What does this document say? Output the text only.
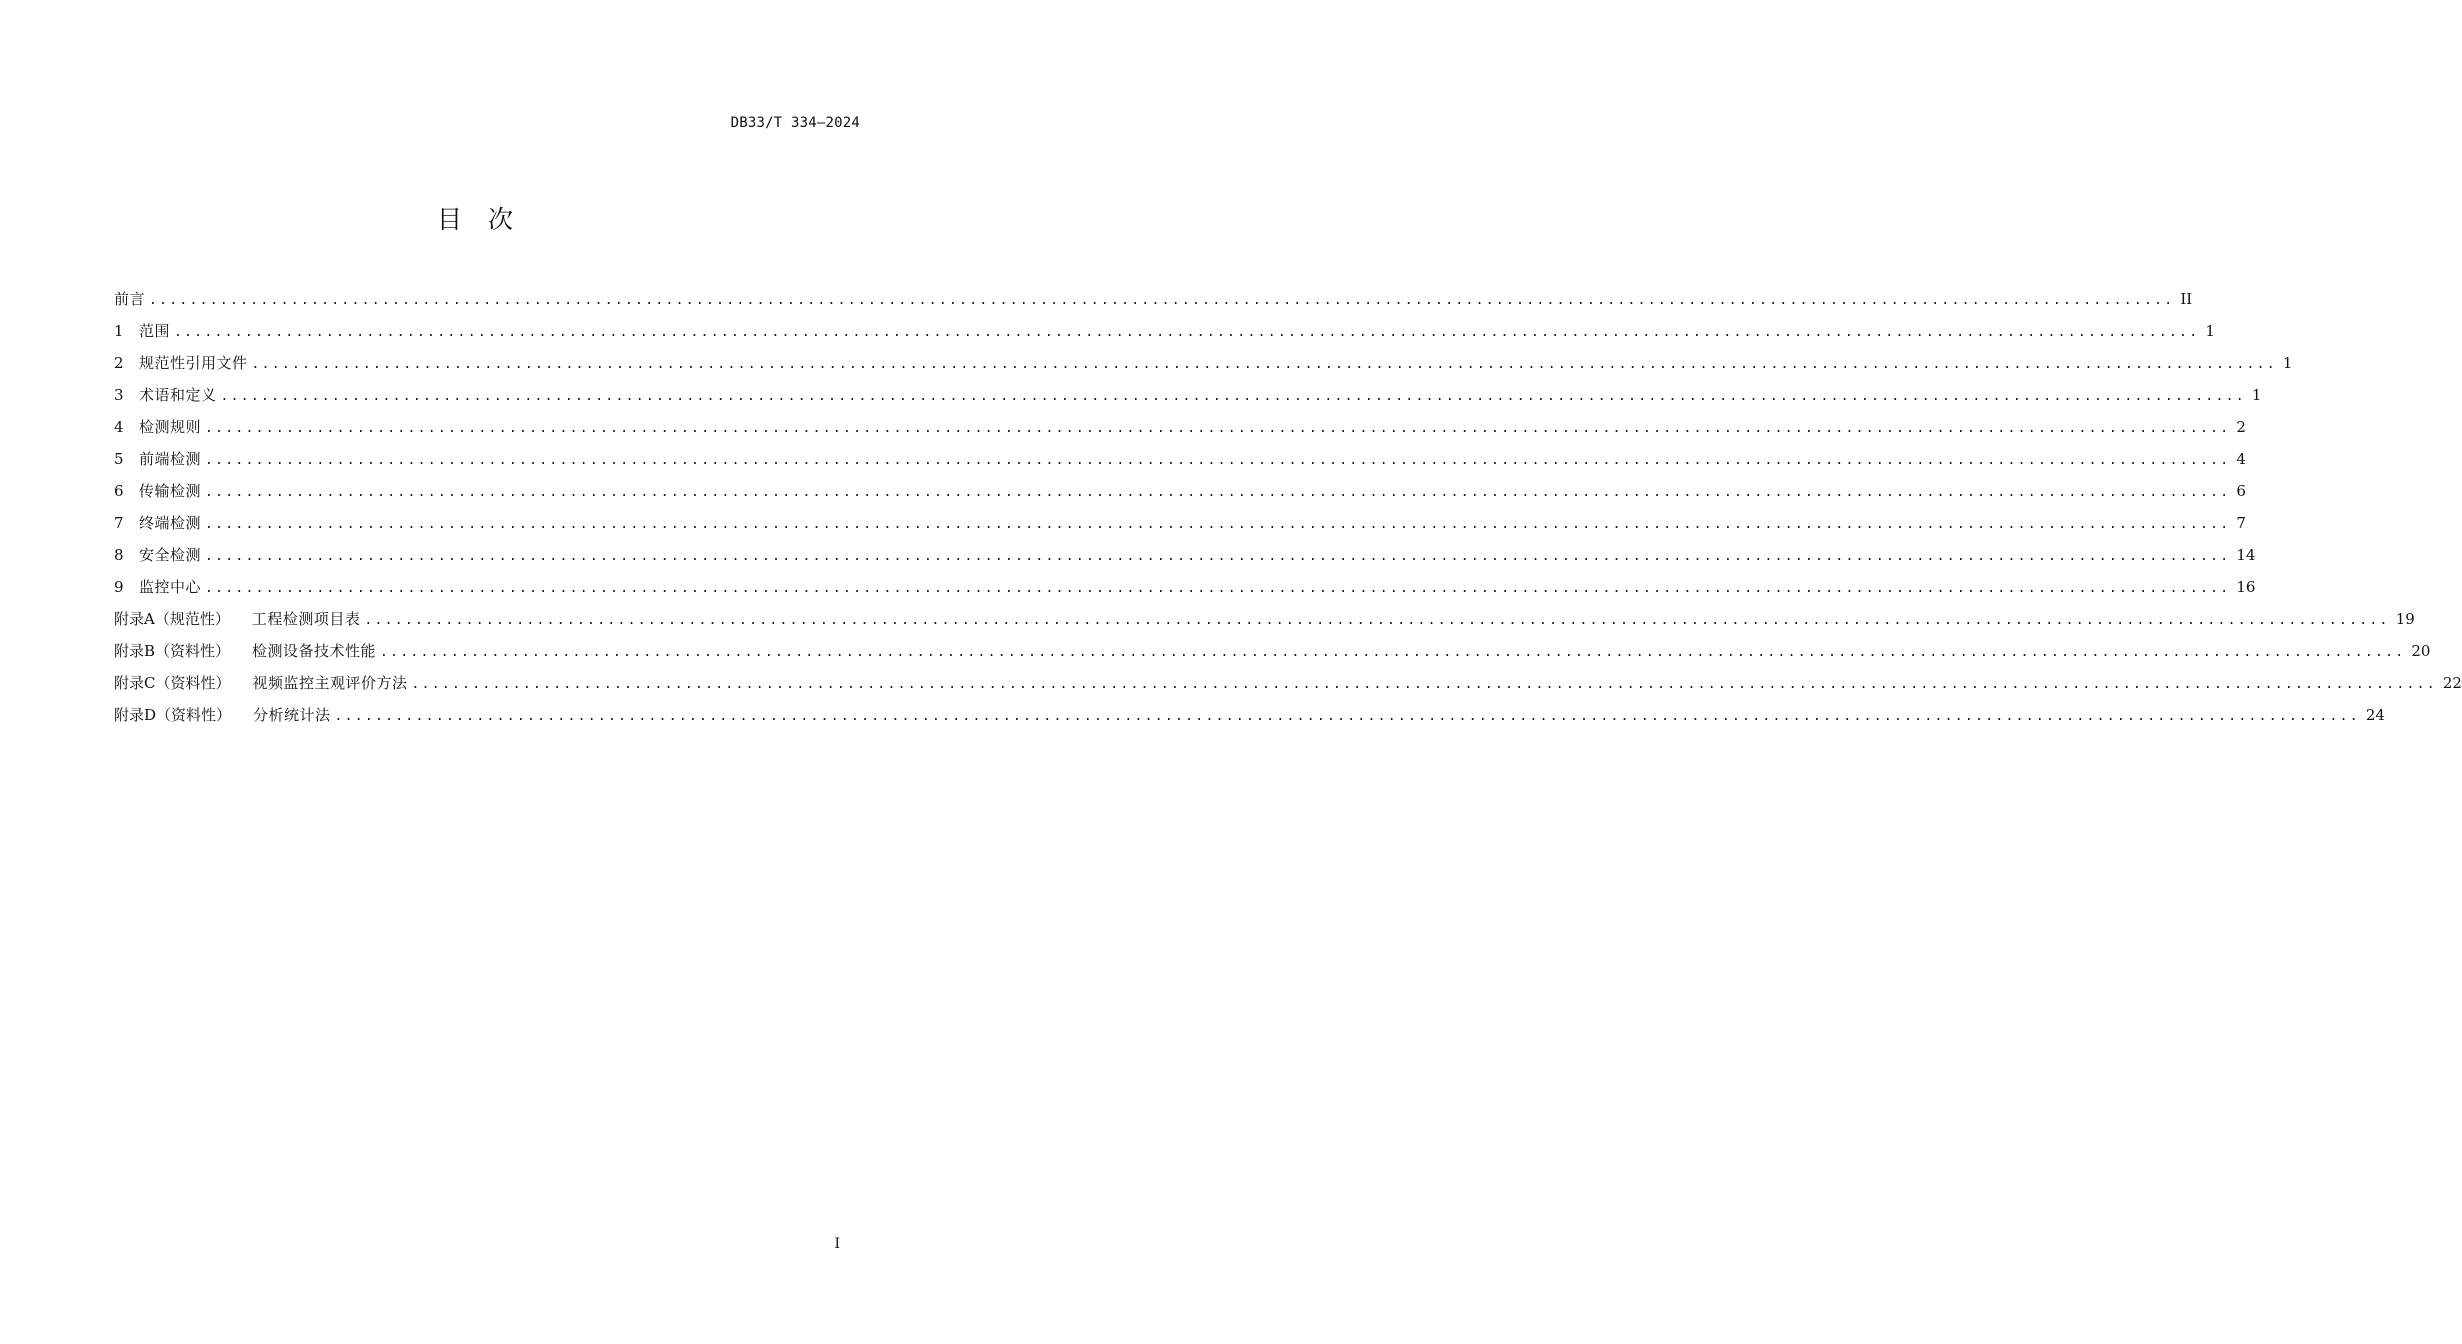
DB33/T 334—2024
目 次
前言 ........................................................................................................................................................................................................ II
1	范围 ........................................................................................................................................................................................................ 1
2	规范性引用文件 ........................................................................................................................................................................................................ 1
3	术语和定义 ........................................................................................................................................................................................................ 1
4	检测规则 ........................................................................................................................................................................................................ 2
5	前端检测 ........................................................................................................................................................................................................ 4
6	传输检测 ........................................................................................................................................................................................................ 6
7	终端检测 ........................................................................................................................................................................................................ 7
8	安全检测 ........................................................................................................................................................................................................ 14
9	监控中心 ........................................................................................................................................................................................................ 16
附录A（规范性） 工程检测项目表 ........................................................................................................................................................................................................ 19
附录B（资料性） 检测设备技术性能 ........................................................................................................................................................................................................ 20
附录C（资料性） 视频监控主观评价方法 ........................................................................................................................................................................................................ 22
附录D（资料性） 分析统计法 ........................................................................................................................................................................................................ 24
I
